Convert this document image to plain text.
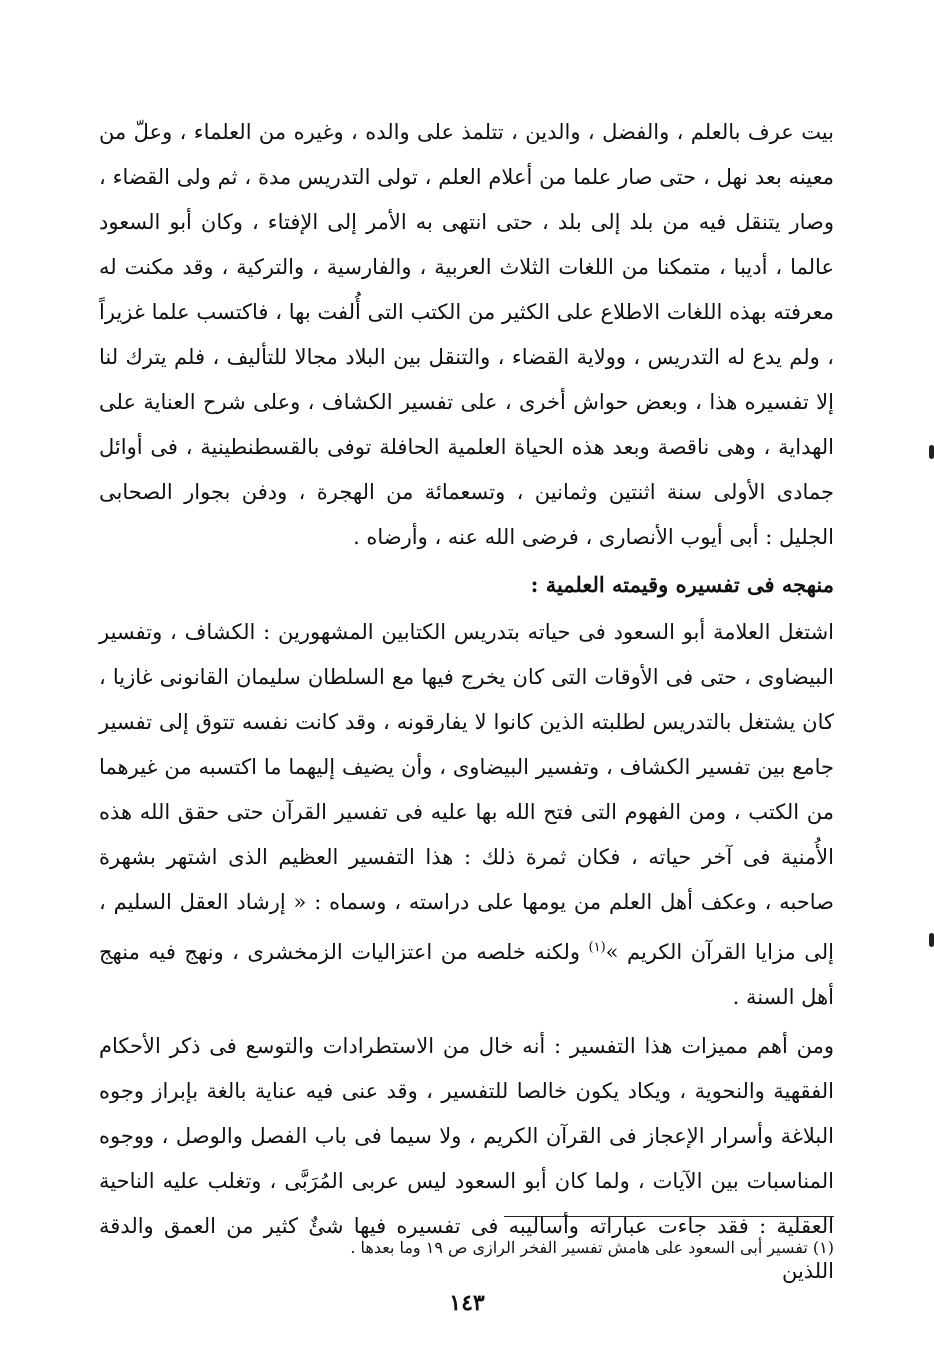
بيت عرف بالعلم ، والفضل ، والدين ، تتلمذ على والده ، وغيره من العلماء ، وعلّ من معينه بعد نهل ، حتى صار علما من أعلام العلم ، تولى التدريس مدة ، ثم ولى القضاء ، وصار يتنقل فيه من بلد إلى بلد ، حتى انتهى به الأمر إلى الإفتاء ، وكان أبو السعود عالما ، أديبا ، متمكنا من اللغات الثلاث العربية ، والفارسية ، والتركية ، وقد مكنت له معرفته بهذه اللغات الاطلاع على الكثير من الكتب التى أُلفت بها ، فاكتسب علما غزيراً ، ولم يدع له التدريس ، وولاية القضاء ، والتنقل بين البلاد مجالا للتأليف ، فلم يترك لنا إلا تفسيره هذا ، وبعض حواش أخرى ، على تفسير الكشاف ، وعلى شرح العناية على الهداية ، وهى ناقصة وبعد هذه الحياة العلمية الحافلة توفى بالقسطنطينية ، فى أوائل جمادى الأولى سنة اثنتين وثمانين ، وتسعمائة من الهجرة ، ودفن بجوار الصحابى الجليل : أبى أيوب الأنصارى ، فرضى الله عنه ، وأرضاه .

منهجه فى تفسيره وقيمته العلمية :

اشتغل العلامة أبو السعود فى حياته بتدريس الكتابين المشهورين : الكشاف ، وتفسير البيضاوى ، حتى فى الأوقات التى كان يخرج فيها مع السلطان سليمان القانونى غازيا ، كان يشتغل بالتدريس لطلبته الذين كانوا لا يفارقونه ، وقد كانت نفسه تتوق إلى تفسير جامع بين تفسير الكشاف ، وتفسير البيضاوى ، وأن يضيف إليهما ما اكتسبه من غيرهما من الكتب ، ومن الفهوم التى فتح الله بها عليه فى تفسير القرآن حتى حقق الله هذه الأُمنية فى آخر حياته ، فكان ثمرة ذلك : هذا التفسير العظيم الذى اشتهر بشهرة صاحبه ، وعكف أهل العلم من يومها على دراسته ، وسماه : « إرشاد العقل السليم ، إلى مزايا القرآن الكريم »$^{(١)}$ ولكنه خلصه من اعتزاليات الزمخشرى ، ونهج فيه منهج أهل السنة .

ومن أهم مميزات هذا التفسير : أنه خال من الاستطرادات والتوسع فى ذكر الأحكام الفقهية والنحوية ، ويكاد يكون خالصا للتفسير ، وقد عنى فيه عناية بالغة بإبراز وجوه البلاغة وأسرار الإعجاز فى القرآن الكريم ، ولا سيما فى باب الفصل والوصل ، ووجوه المناسبات بين الآيات ، ولما كان أبو السعود ليس عربى المُرَبَّى ، وتغلب عليه الناحية العقلية : فقد جاءت عباراته وأساليبه فى تفسيره فيها شئٌ كثير من العمق والدقة اللذين

(١) تفسير أبى السعود على هامش تفسير الفخر الرازى ص ١٩ وما بعدها .
١٤٣
